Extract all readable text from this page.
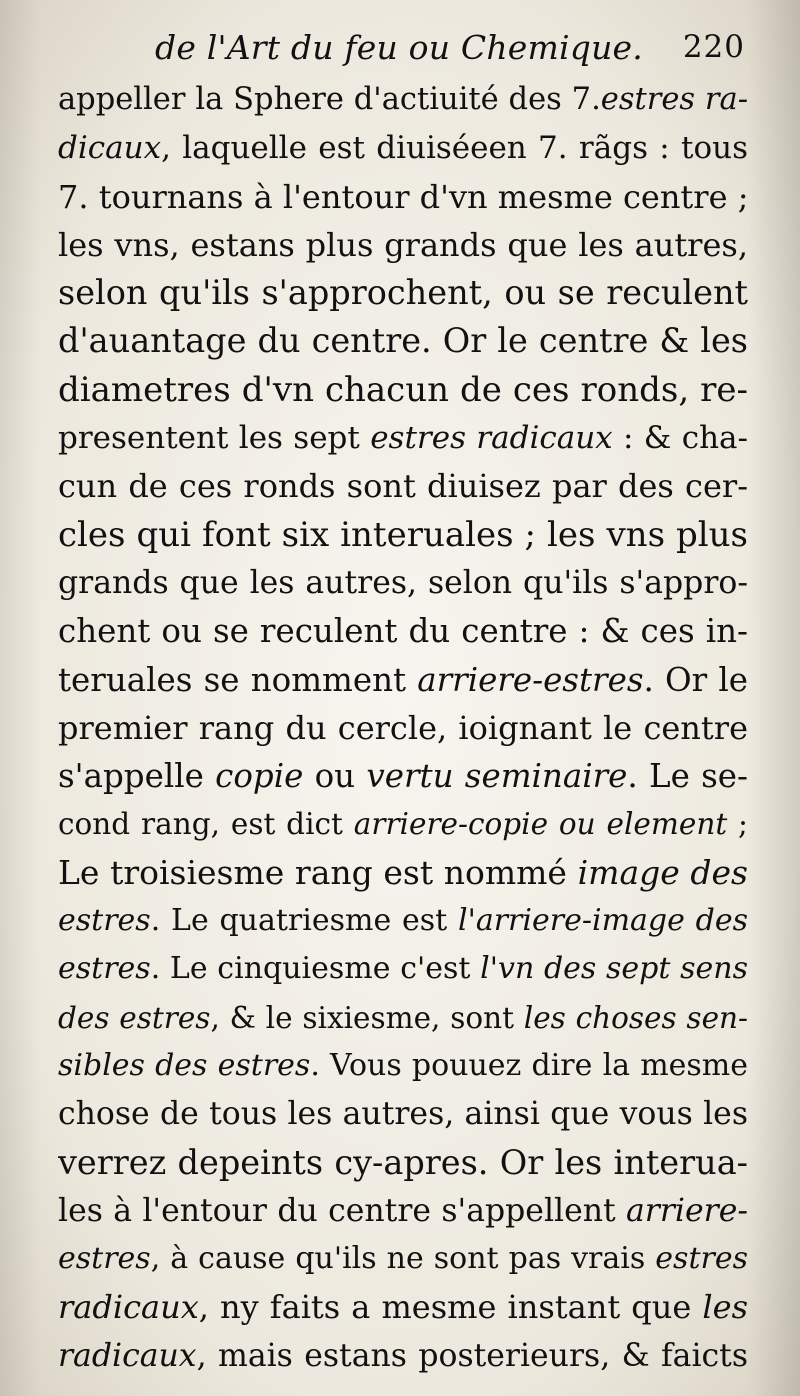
de l'Art du feu ou Chemique. 220
appeller la Sphere d'actiuité des 7.estres ra-
dicaux, laquelle est diuiséeen 7. rãgs : tous
7. tournans à l'entour d'vn mesme centre ;
les vns, estans plus grands que les autres,
selon qu'ils s'approchent, ou se reculent
d'auantage du centre. Or le centre & les
diametres d'vn chacun de ces ronds, re-
presentent les sept estres radicaux : & cha-
cun de ces ronds sont diuisez par des cer-
cles qui font six interuales ; les vns plus
grands que les autres, selon qu'ils s'appro-
chent ou se reculent du centre : & ces in-
teruales se nomment arriere-estres. Or le
premier rang du cercle, ioignant le centre
s'appelle copie ou vertu seminaire. Le se-
cond rang, est dict arriere-copie ou element ;
Le troisiesme rang est nommé image des
estres. Le quatriesme est l'arriere-image des
estres. Le cinquiesme c'est l'vn des sept sens
des estres, & le sixiesme, sont les choses sen-
sibles des estres. Vous pouuez dire la mesme
chose de tous les autres, ainsi que vous les
verrez depeints cy-apres. Or les interua-
les à l'entour du centre s'appellent arriere-
estres, à cause qu'ils ne sont pas vrais estres
radicaux, ny faits a mesme instant que les
radicaux, mais estans posterieurs, & faicts
